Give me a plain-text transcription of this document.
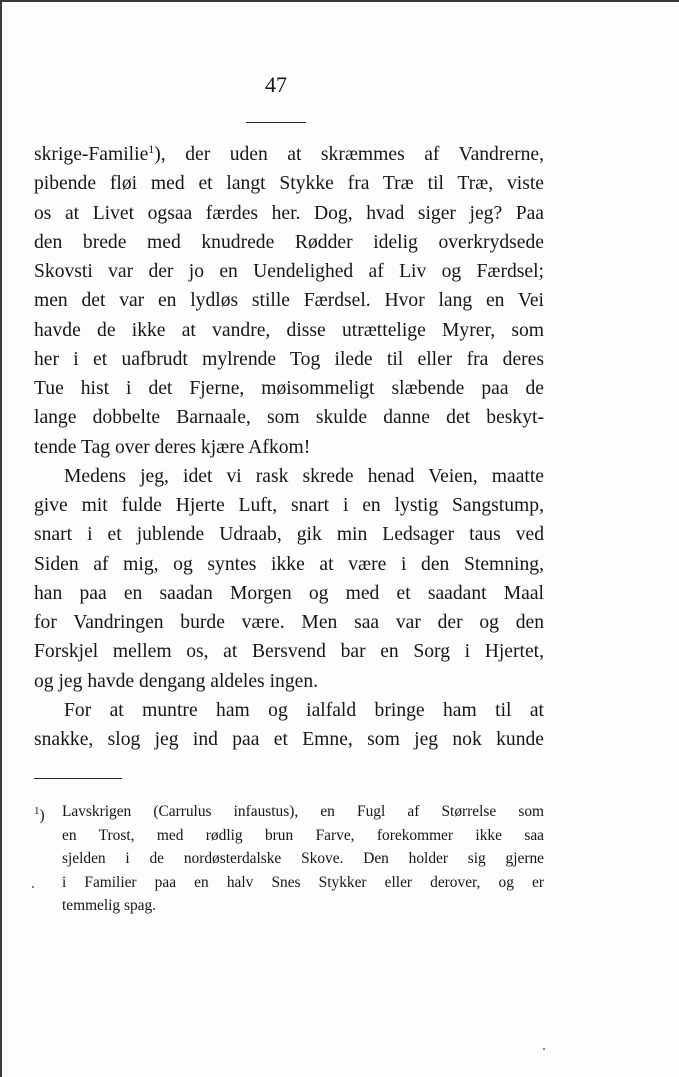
47
skrige-Familie$^1$), der uden at skræmmes af Vandrerne,
pibende fløi med et langt Stykke fra Træ til Træ, viste
os at Livet ogsaa færdes her. Dog, hvad siger jeg? Paa
den brede med knudrede Rødder idelig overkrydsede
Skovsti var der jo en Uendelighed af Liv og Færdsel;
men det var en lydløs stille Færdsel. Hvor lang en Vei
havde de ikke at vandre, disse utrættelige Myrer, som
her i et uafbrudt mylrende Tog ilede til eller fra deres
Tue hist i det Fjerne, møisommeligt slæbende paa de
lange dobbelte Barnaale, som skulde danne det beskyt-
tende Tag over deres kjære Afkom!
Medens jeg, idet vi rask skrede henad Veien, maatte
give mit fulde Hjerte Luft, snart i en lystig Sangstump,
snart i et jublende Udraab, gik min Ledsager taus ved
Siden af mig, og syntes ikke at være i den Stemning,
han paa en saadan Morgen og med et saadant Maal
for Vandringen burde være. Men saa var der og den
Forskjel mellem os, at Bersvend bar en Sorg i Hjertet,
og jeg havde dengang aldeles ingen.
For at muntre ham og ialfald bringe ham til at
snakke, slog jeg ind paa et Emne, som jeg nok kunde
$^1$)	Lavskrigen (Carrulus infaustus), en Fugl af Størrelse som
en Trost, med rødlig brun Farve, forekommer ikke saa
sjelden i de nordøsterdalske Skove. Den holder sig gjerne
i Familier paa en halv Snes Stykker eller derover, og er
temmelig spag.
